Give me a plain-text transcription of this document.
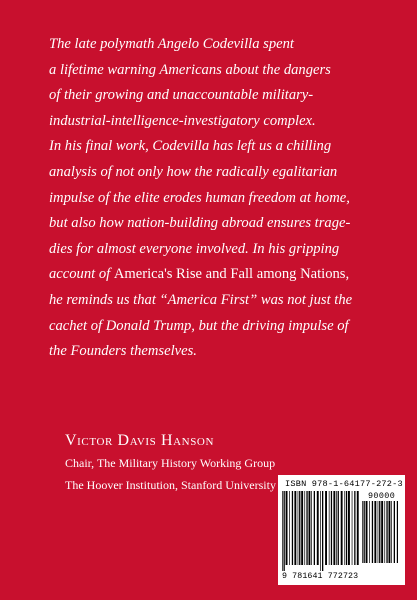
The late polymath Angelo Codevilla spent
a lifetime warning Americans about the dangers
of their growing and unaccountable military-
industrial-intelligence-investigatory complex.
In his final work, Codevilla has left us a chilling
analysis of not only how the radically egalitarian
impulse of the elite erodes human freedom at home,
but also how nation-building abroad ensures trage-
dies for almost everyone involved. In his gripping
account of America's Rise and Fall among Nations,
he reminds us that “America First” was not just the
cachet of Donald Trump, but the driving impulse of
the Founders themselves.
Victor Davis Hanson
Chair, The Military History Working Group
The Hoover Institution, Stanford University ISBN 978-1-64177-272-3
90000
9 781641 772723
